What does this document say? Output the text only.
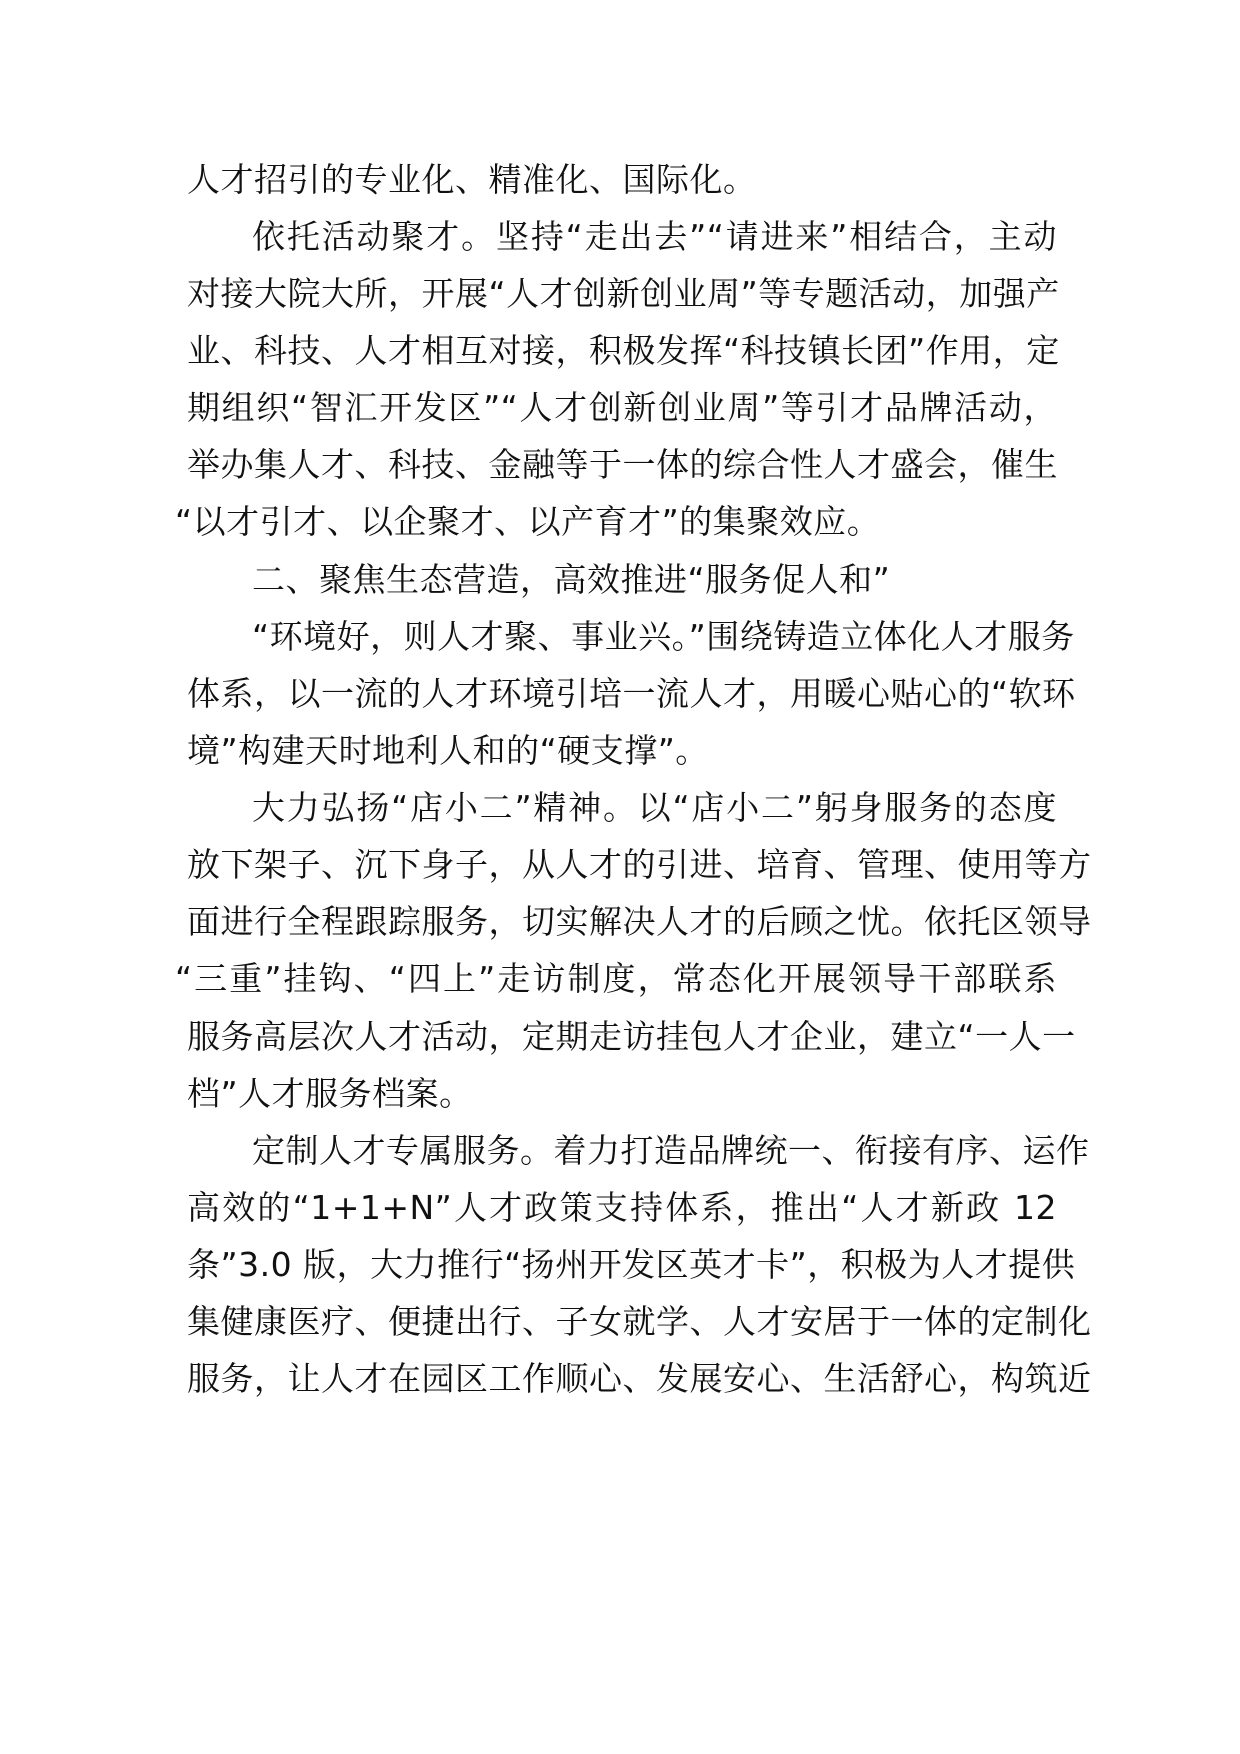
人才招引的专业化、精准化、国际化。
依托活动聚才。坚持“走出去”“请进来”相结合，主动
对接大院大所，开展“人才创新创业周”等专题活动，加强产
业、科技、人才相互对接，积极发挥“科技镇长团”作用，定
期组织“智汇开发区”“人才创新创业周”等引才品牌活动，
举办集人才、科技、金融等于一体的综合性人才盛会，催生
“以才引才、以企聚才、以产育才”的集聚效应。
二、聚焦生态营造，高效推进“服务促人和”
“环境好，则人才聚、事业兴。”围绕铸造立体化人才服务
体系，以一流的人才环境引培一流人才，用暖心贴心的“软环
境”构建天时地利人和的“硬支撑”。
大力弘扬“店小二”精神。以“店小二”躬身服务的态度
放下架子、沉下身子，从人才的引进、培育、管理、使用等方
面进行全程跟踪服务，切实解决人才的后顾之忧。依托区领导
“三重”挂钩、“四上”走访制度，常态化开展领导干部联系
服务高层次人才活动，定期走访挂包人才企业，建立“一人一
档”人才服务档案。
定制人才专属服务。着力打造品牌统一、衔接有序、运作
高效的“1+1+N”人才政策支持体系，推出“人才新政 12
条”3.0 版，大力推行“扬州开发区英才卡”，积极为人才提供
集健康医疗、便捷出行、子女就学、人才安居于一体的定制化
服务，让人才在园区工作顺心、发展安心、生活舒心，构筑近
